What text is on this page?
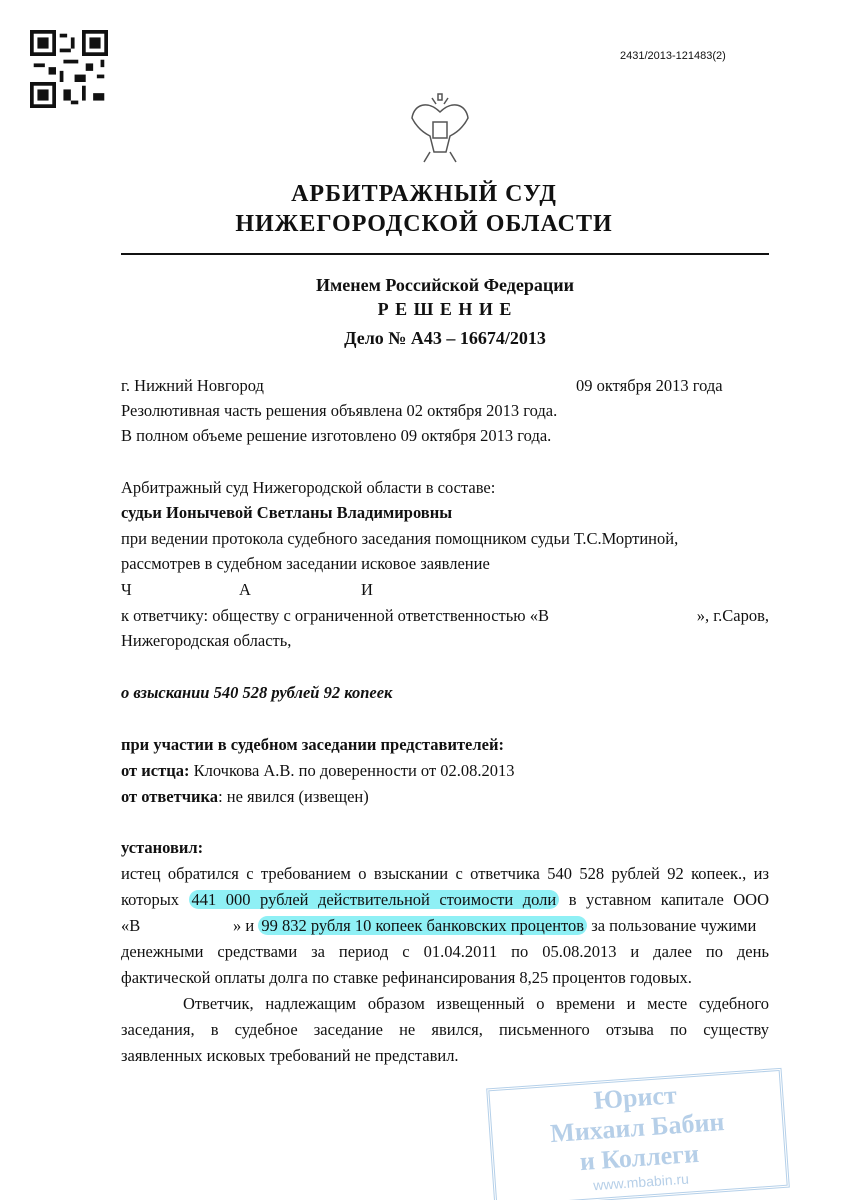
2431/2013-121483(2)
АРБИТРАЖНЫЙ СУД
НИЖЕГОРОДСКОЙ ОБЛАСТИ
Именем Российской Федерации
Р Е Ш Е Н И Е
Дело № А43 – 16674/2013
г. Нижний Новгород	09 октября 2013 года
Резолютивная часть решения объявлена 02 октября 2013 года.
В полном объеме решение изготовлено 09 октября 2013 года.
Арбитражный суд Нижегородской области в составе:
судьи Ионычевой Светланы Владимировны
при ведении протокола судебного заседания помощником судьи Т.С.Мортиной,
рассмотрев в судебном заседании исковое заявление
Ч	А	И
к ответчику: обществу с ограниченной ответственностью «В	», г.Саров,
Нижегородская область,
о взыскании 540 528 рублей 92 копеек
при участии в судебном заседании представителей:
от истца: Клочкова А.В. по доверенности от 02.08.2013
от ответчика: не явился (извещен)
установил:
истец обратился с требованием о взыскании с ответчика 540 528 рублей 92 копеек., из
которых 441 000 рублей действительной стоимости доли в уставном капитале ООО
«В	» и 99 832 рубля 10 копеек банковских процентов за пользование чужими
денежными средствами за период с 01.04.2011 по 05.08.2013 и далее по день
фактической оплаты долга по ставке рефинансирования 8,25 процентов годовых.
Ответчик, надлежащим образом извещенный о времени и месте судебного
заседания, в судебное заседание не явился, письменного отзыва по существу
заявленных исковых требований не представил.
Юрист
Михаил Бабин
и Коллеги
www.mbabin.ru
